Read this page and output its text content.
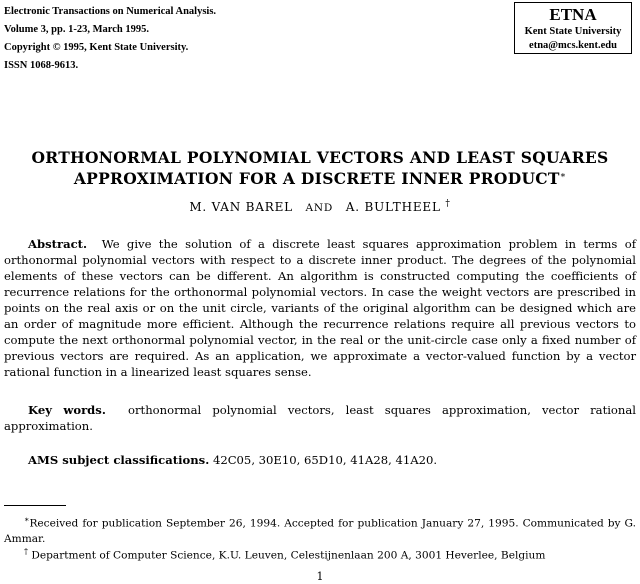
Electronic Transactions on Numerical Analysis.
Volume 3, pp. 1-23, March 1995.
Copyright © 1995, Kent State University.
ISSN 1068-9613.
ETNA
Kent State University
etna@mcs.kent.edu
ORTHONORMAL POLYNOMIAL VECTORS AND LEAST SQUARES
APPROXIMATION FOR A DISCRETE INNER PRODUCT∗
M. VAN BAREL AND A. BULTHEEL †
Abstract. We give the solution of a discrete least squares approximation problem in terms of orthonormal polynomial vectors with respect to a discrete inner product. The degrees of the polynomial elements of these vectors can be different. An algorithm is constructed computing the coefficients of recurrence relations for the orthonormal polynomial vectors. In case the weight vectors are prescribed in points on the real axis or on the unit circle, variants of the original algorithm can be designed which are an order of magnitude more efficient. Although the recurrence relations require all previous vectors to compute the next orthonormal polynomial vector, in the real or the unit-circle case only a fixed number of previous vectors are required. As an application, we approximate a vector-valued function by a vector rational function in a linearized least squares sense.
Key words. orthonormal polynomial vectors, least squares approximation, vector rational approximation.
AMS subject classifications. 42C05, 30E10, 65D10, 41A28, 41A20.
∗Received for publication September 26, 1994. Accepted for publication January 27, 1995. Communicated by G. Ammar.
† Department of Computer Science, K.U. Leuven, Celestijnenlaan 200 A, 3001 Heverlee, Belgium
1
